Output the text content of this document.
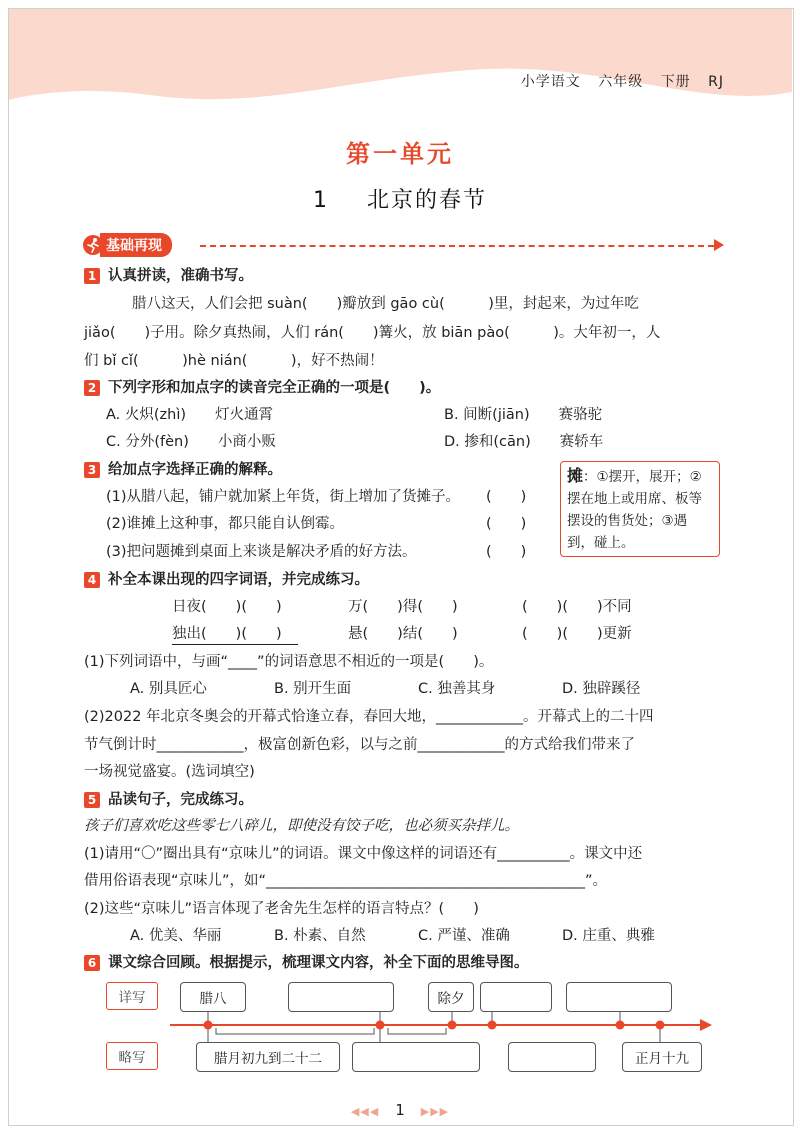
小学语文 六年级 下册 RJ
第一单元
1 北京的春节
基础再现
1 认真拼读，准确书写。
腊八这天，人们会把 suàn(　　)瓣放到 gāo cù(　　　)里，封起来，为过年吃
jiǎo(　　)子用。除夕真热闹，人们 rán(　　)篝火，放 biān pào(　　　)。大年初一，人
们 bǐ cǐ(　　　)hè nián(　　　)，好不热闹！
2 下列字形和加点字的读音完全正确的一项是(　　)。
A. 火炽(zhì)　　灯火通霄	B. 间断(jiān)　　赛骆驼
C. 分外(fèn)　　小商小贩	D. 掺和(cān)　　赛轿车
3 给加点字选择正确的解释。
(1)从腊八起，铺户就加紧上年货，街上增加了货摊子。	(　　)
(2)谁摊上这种事，都只能自认倒霉。	(　　)
(3)把问题摊到桌面上来谈是解决矛盾的好方法。	(　　)
摊：①摆开，展开；②摆在地上或用席、板等摆设的售货处；③遇到，碰上。
4 补全本课出现的四字词语，并完成练习。
日夜(　　)(　　)	万(　　)得(　　)	(　　)(　　)不同
独出(　　)(　　)	悬(　　)结(　　)	(　　)(　　)更新
(1)下列词语中，与画“____”的词语意思不相近的一项是(　　)。
A. 别具匠心	B. 别开生面	C. 独善其身	D. 独辟蹊径
(2)2022 年北京冬奥会的开幕式恰逢立春，春回大地，____________。开幕式上的二十四
节气倒计时____________，极富创新色彩，以与之前____________的方式给我们带来了
一场视觉盛宴。(选词填空)
5 品读句子，完成练习。
孩子们喜欢吃这些零七八碎儿，即使没有饺子吃，也必须买杂拌儿。
(1)请用“〇”圈出具有“京味儿”的词语。课文中像这样的词语还有__________。课文中还
借用俗语表现“京味儿”，如“____________________________________________”。
(2)这些“京味儿”语言体现了老舍先生怎样的语言特点？(　　)
A. 优美、华丽	B. 朴素、自然	C. 严谨、准确	D. 庄重、典雅
6 课文综合回顾。根据提示，梳理课文内容，补全下面的思维导图。
详写
略写
腊八	除夕
腊月初九到二十二	正月十九
◀◀◀ 1 ▶▶▶
